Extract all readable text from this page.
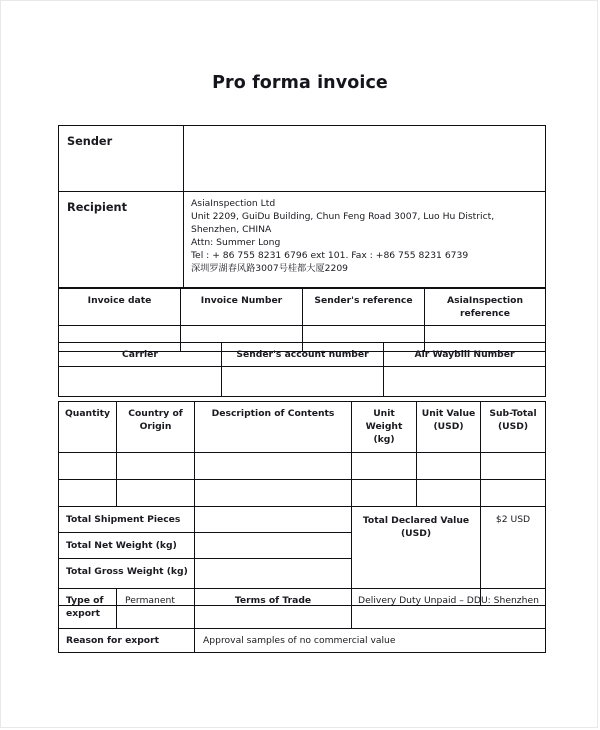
Pro forma invoice
Sender	
Recipient	AsiaInspection Ltd
Unit 2209, GuiDu Building, Chun Feng Road 3007, Luo Hu District,
Shenzhen, CHINA
Attn: Summer Long
Tel : + 86 755 8231 6796 ext 101. Fax : +86 755 8231 6739
深圳罗湖春风路3007号桂都大厦2209
Invoice date	Invoice Number	Sender's reference	AsiaInspection reference

Carrier	Sender's account number	Air Waybill Number

Quantity	Country of Origin	Description of Contents	Unit Weight (kg)	Unit Value (USD)	Sub-Total (USD)

Total Shipment Pieces			Total Declared Value (USD)		$2 USD
Total Net Weight (kg)					
Total Gross Weight (kg)					
Type of export	Permanent	Terms of Trade	Delivery Duty Unpaid – DDU: Shenzhen
Reason for export		Approval samples of no commercial value	
